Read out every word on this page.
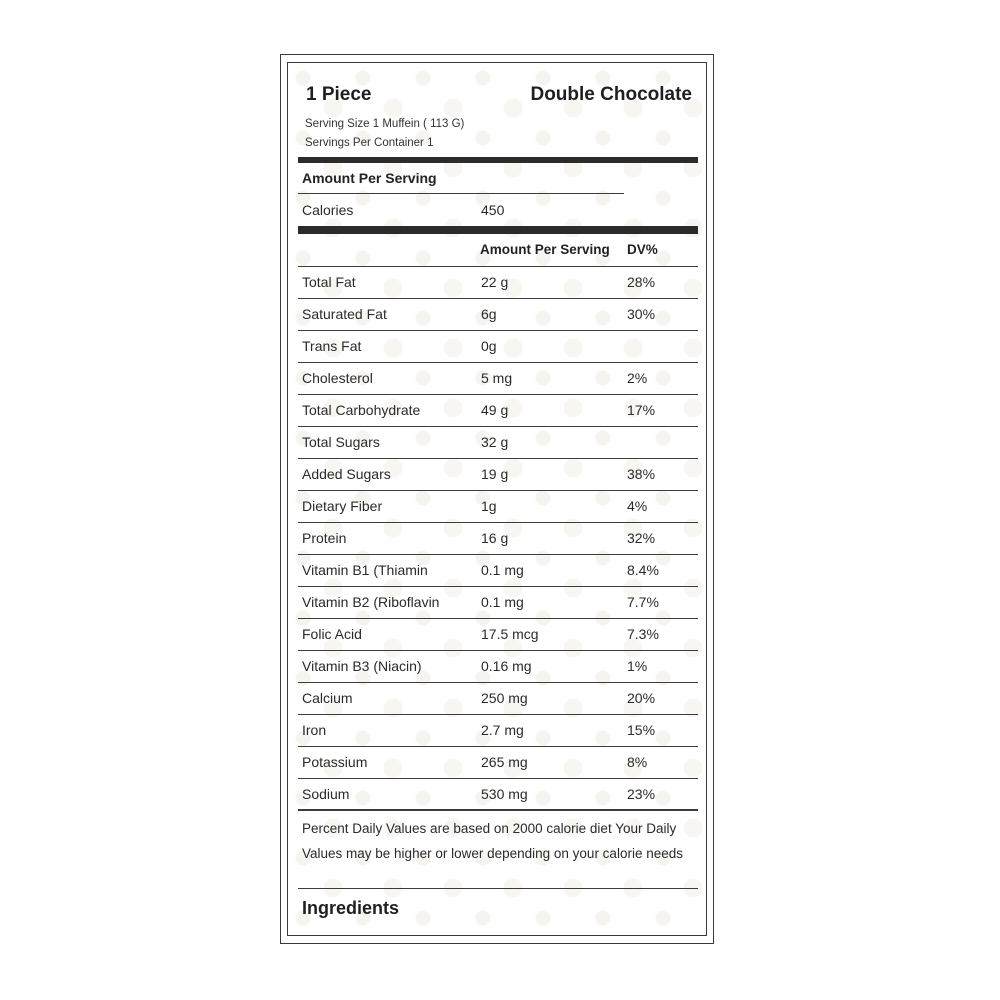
1 Piece	Double Chocolate
Serving Size 1 Muffein ( 113 G)
Servings Per Container 1
Amount Per Serving
Calories	450
Amount Per Serving DV%
Total Fat	22 g	28%
Saturated Fat	6g	30%
Trans Fat	0g
Cholesterol	5 mg	2%
Total Carbohydrate	49 g	17%
Total Sugars	32 g
Added Sugars	19 g	38%
Dietary Fiber	1g	4%
Protein	16 g	32%
Vitamin B1 (Thiamin	0.1 mg	8.4%
Vitamin B2 (Riboflavin	0.1 mg	7.7%
Folic Acid	17.5 mcg	7.3%
Vitamin B3 (Niacin)	0.16 mg	1%
Calcium	250 mg	20%
Iron	2.7 mg	15%
Potassium	265 mg	8%
Sodium	530 mg	23%
Percent Daily Values are based on 2000 calorie diet Your Daily Values may be higher or lower depending on your calorie needs
Ingredients
